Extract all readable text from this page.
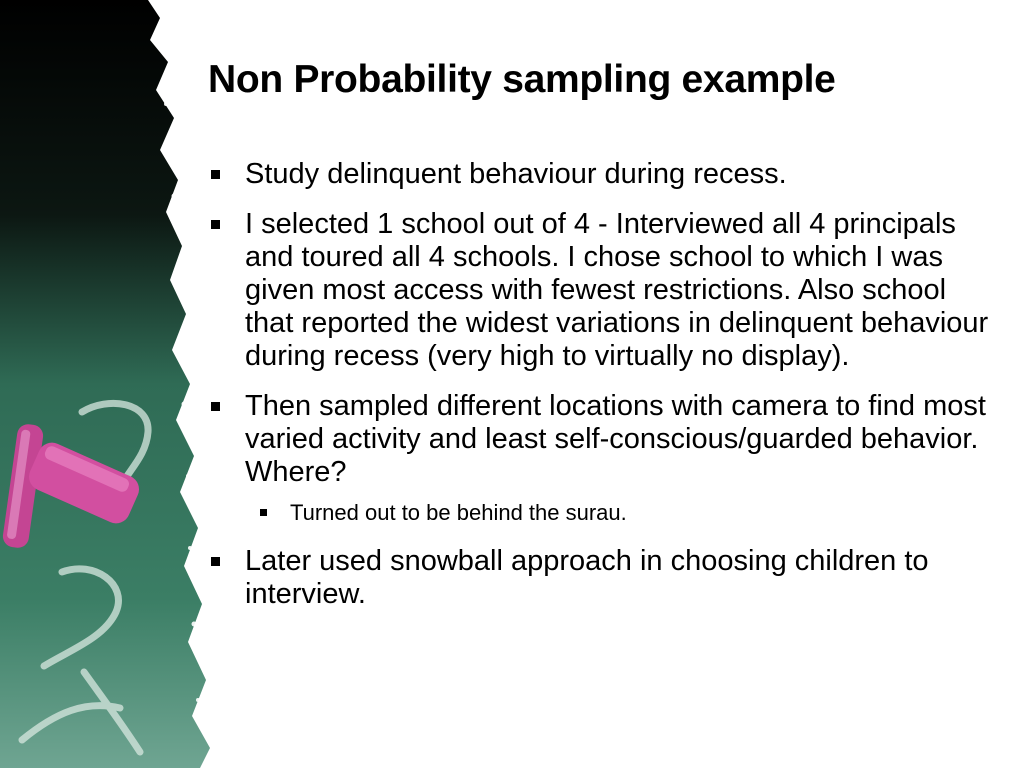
Non Probability sampling example
Study delinquent behaviour during recess.
I selected 1 school out of 4 - Interviewed all 4 principals and toured all 4 schools. I chose school to which I was given most access with fewest restrictions. Also school that reported the widest variations in delinquent behaviour during recess (very high to virtually no display).
Then sampled different locations with camera to find most varied activity and least self-conscious/guarded behavior. Where?
Turned out to be behind the surau.
Later used snowball approach in choosing children to interview.
